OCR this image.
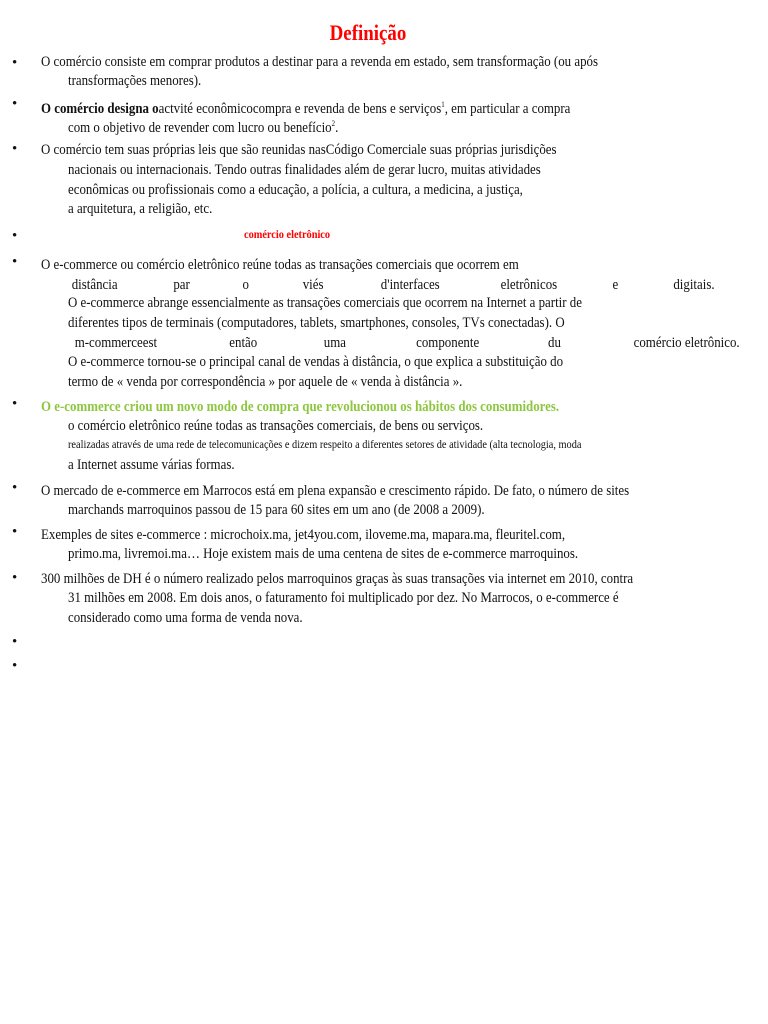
Definição
• O comércio consiste em comprar produtos a destinar para a revenda em estado, sem transformação (ou após
transformações menores).
• O comércio designa oactvité econômicocompra e revenda de bens e serviços$^1$, em particular a compra
com o objetivo de revender com lucro ou benefício$^2$.
• O comércio tem suas próprias leis que são reunidas nasCódigo Comerciale suas próprias jurisdições
nacionais ou internacionais. Tendo outras finalidades além de gerar lucro, muitas atividades
econômicas ou profissionais como a educação, a polícia, a cultura, a medicina, a justiça,
a arquitetura, a religião, etc.
•	comércio eletrônico
• O e-commerce ou comércio eletrônico reúne todas as transações comerciais que ocorrem em
distância	par	o	viés	d'interfaces	eletrônicos	e	digitais.
O e-commerce abrange essencialmente as transações comerciais que ocorrem na Internet a partir de
diferentes tipos de terminais (computadores, tablets, smartphones, consoles, TVs conectadas). O
m-commerceest	então	uma	componente	du	comércio eletrônico.
O e-commerce tornou-se o principal canal de vendas à distância, o que explica a substituição do
termo de « venda por correspondência » por aquele de « venda à distância ».
• O e-commerce criou um novo modo de compra que revolucionou os hábitos dos consumidores.
o comércio eletrônico reúne todas as transações comerciais, de bens ou serviços.
realizadas através de uma rede de telecomunicações e dizem respeito a diferentes setores de atividade (alta tecnologia, moda
a Internet assume várias formas.
• O mercado de e-commerce em Marrocos está em plena expansão e crescimento rápido. De fato, o número de sites
marchands marroquinos passou de 15 para 60 sites em um ano (de 2008 a 2009).
• Exemples de sites e-commerce : microchoix.ma, jet4you.com, iloveme.ma, mapara.ma, fleuritel.com,
primo.ma, livremoi.ma… Hoje existem mais de uma centena de sites de e-commerce marroquinos.
• 300 milhões de DH é o número realizado pelos marroquinos graças às suas transações via internet em 2010, contra
31 milhões em 2008. Em dois anos, o faturamento foi multiplicado por dez. No Marrocos, o e-commerce é
considerado como uma forma de venda nova.
•
•
